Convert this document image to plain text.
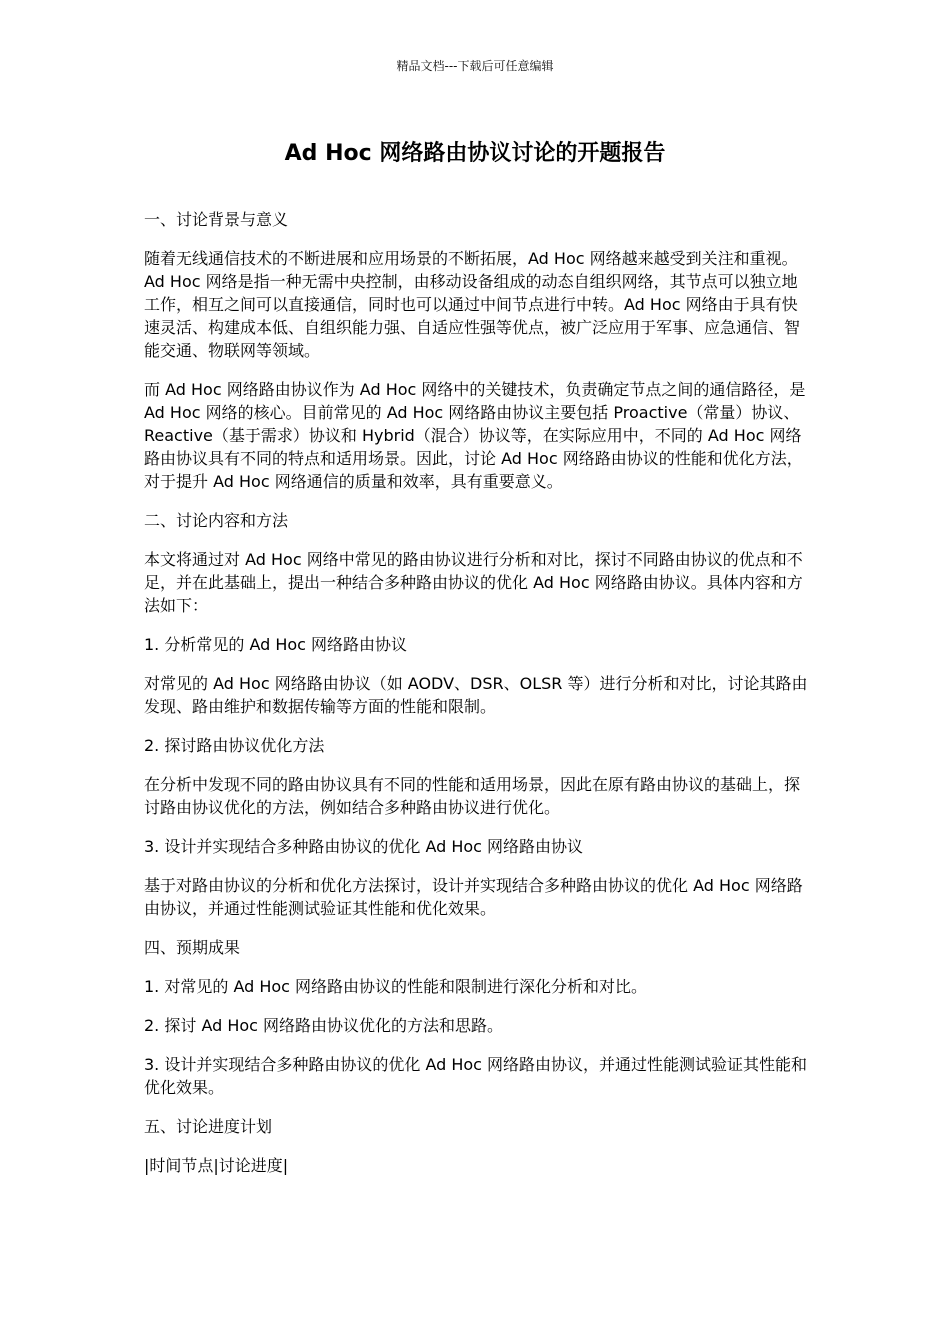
精品文档---下载后可任意编辑
Ad Hoc 网络路由协议讨论的开题报告

一、讨论背景与意义

随着无线通信技术的不断进展和应用场景的不断拓展，Ad Hoc 网络越来越受到关注和重视。Ad Hoc 网络是指一种无需中央控制，由移动设备组成的动态自组织网络，其节点可以独立地工作，相互之间可以直接通信，同时也可以通过中间节点进行中转。Ad Hoc 网络由于具有快速灵活、构建成本低、自组织能力强、自适应性强等优点，被广泛应用于军事、应急通信、智能交通、物联网等领域。

而 Ad Hoc 网络路由协议作为 Ad Hoc 网络中的关键技术，负责确定节点之间的通信路径，是 Ad Hoc 网络的核心。目前常见的 Ad Hoc 网络路由协议主要包括 Proactive（常量）协议、Reactive（基于需求）协议和 Hybrid（混合）协议等，在实际应用中，不同的 Ad Hoc 网络路由协议具有不同的特点和适用场景。因此，讨论 Ad Hoc 网络路由协议的性能和优化方法，对于提升 Ad Hoc 网络通信的质量和效率，具有重要意义。

二、讨论内容和方法

本文将通过对 Ad Hoc 网络中常见的路由协议进行分析和对比，探讨不同路由协议的优点和不足，并在此基础上，提出一种结合多种路由协议的优化 Ad Hoc 网络路由协议。具体内容和方法如下：

1. 分析常见的 Ad Hoc 网络路由协议

对常见的 Ad Hoc 网络路由协议（如 AODV、DSR、OLSR 等）进行分析和对比，讨论其路由发现、路由维护和数据传输等方面的性能和限制。

2. 探讨路由协议优化方法

在分析中发现不同的路由协议具有不同的性能和适用场景，因此在原有路由协议的基础上，探讨路由协议优化的方法，例如结合多种路由协议进行优化。

3. 设计并实现结合多种路由协议的优化 Ad Hoc 网络路由协议

基于对路由协议的分析和优化方法探讨，设计并实现结合多种路由协议的优化 Ad Hoc 网络路由协议，并通过性能测试验证其性能和优化效果。

四、预期成果

1. 对常见的 Ad Hoc 网络路由协议的性能和限制进行深化分析和对比。

2. 探讨 Ad Hoc 网络路由协议优化的方法和思路。

3. 设计并实现结合多种路由协议的优化 Ad Hoc 网络路由协议，并通过性能测试验证其性能和优化效果。

五、讨论进度计划

|时间节点|讨论进度|
